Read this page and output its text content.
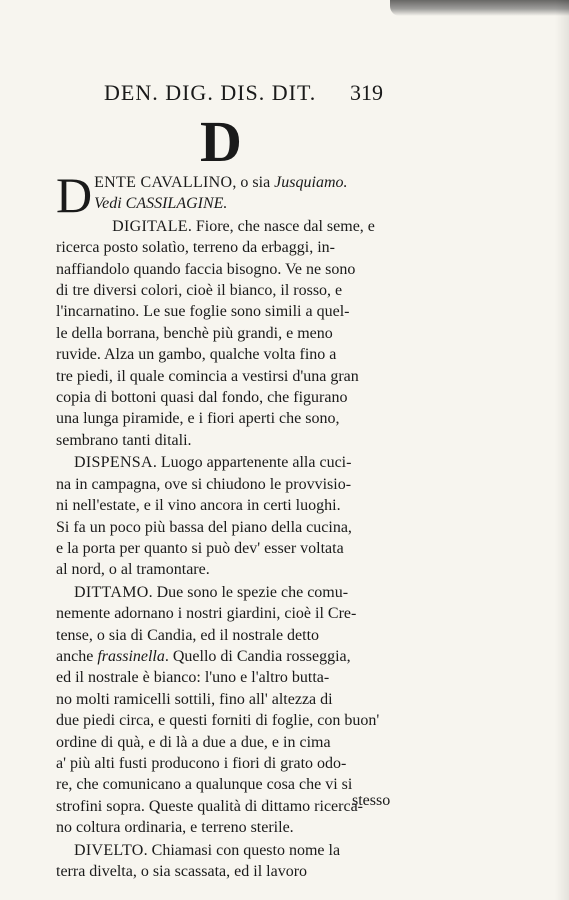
DEN. DIG. DIS. DIT.	319
D
D ENTE CAVALLINO, o sia Jusquiamo.
Vedi CASSILAGINE.
DIGITALE. Fiore, che nasce dal seme, e
ricerca posto solatìo, terreno da erbaggi, in-
naffiandolo quando faccia bisogno. Ve ne sono
di tre diversi colori, cioè il bianco, il rosso, e
l'incarnatino. Le sue foglie sono simili a quel-
le della borrana, benchè più grandi, e meno
ruvide. Alza un gambo, qualche volta fino a
tre piedi, il quale comincia a vestirsi d'una gran
copia di bottoni quasi dal fondo, che figurano
una lunga piramide, e i fiori aperti che sono,
sembrano tanti ditali.
DISPENSA. Luogo appartenente alla cuci-
na in campagna, ove si chiudono le provvisio-
ni nell'estate, e il vino ancora in certi luoghi.
Si fa un poco più bassa del piano della cucina,
e la porta per quanto si può dev' esser voltata
al nord, o al tramontare.
DITTAMO. Due sono le spezie che comu-
nemente adornano i nostri giardini, cioè il Cre-
tense, o sia di Candia, ed il nostrale detto
anche frassinella. Quello di Candia rosseggia,
ed il nostrale è bianco: l'uno e l'altro butta-
no molti ramicelli sottili, fino all' altezza di
due piedi circa, e questi forniti di foglie, con buon'
ordine di quà, e di là a due a due, e in cima
a' più alti fusti producono i fiori di grato odo-
re, che comunicano a qualunque cosa che vi si
strofini sopra. Queste qualità di dittamo ricerca-
no coltura ordinaria, e terreno sterile.
DIVELTO. Chiamasi con questo nome la
terra divelta, o sia scassata, ed il lavoro
stesso
